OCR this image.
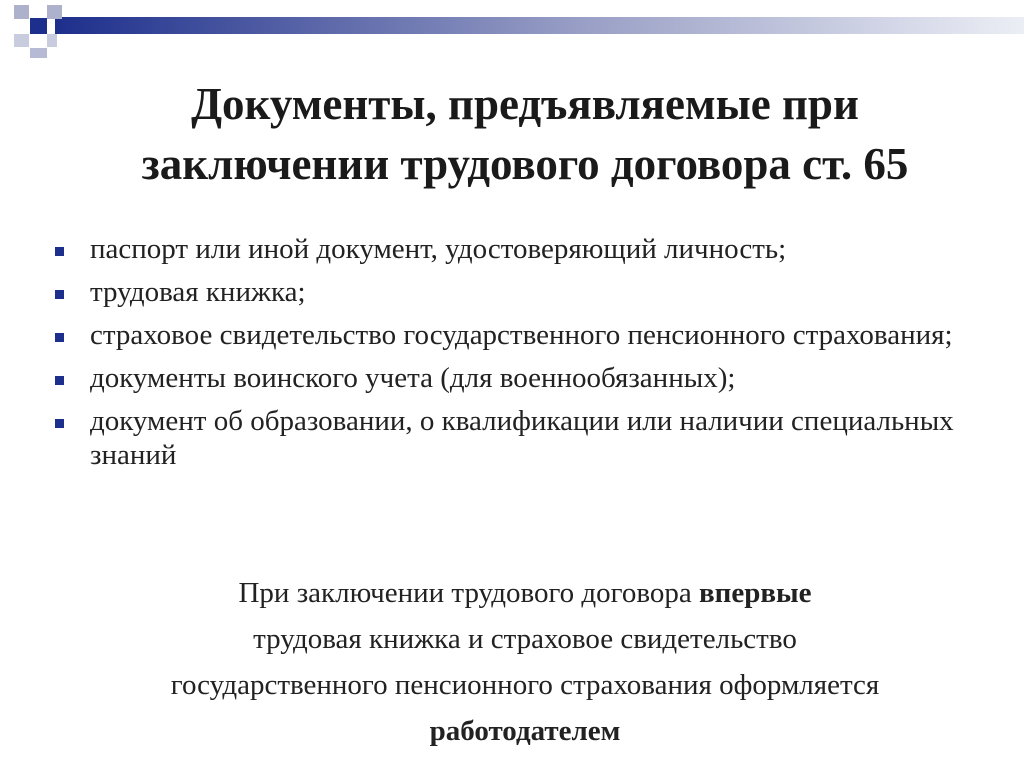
Документы, предъявляемые при
заключении трудового договора ст. 65
паспорт или иной документ, удостоверяющий личность;
трудовая книжка;
страховое свидетельство государственного пенсионного страхования;
документы воинского учета (для военнообязанных);
документ об образовании, о квалификации или наличии специальных знаний
При заключении трудового договора впервые
трудовая книжка и страховое свидетельство
государственного пенсионного страхования оформляется
работодателем
